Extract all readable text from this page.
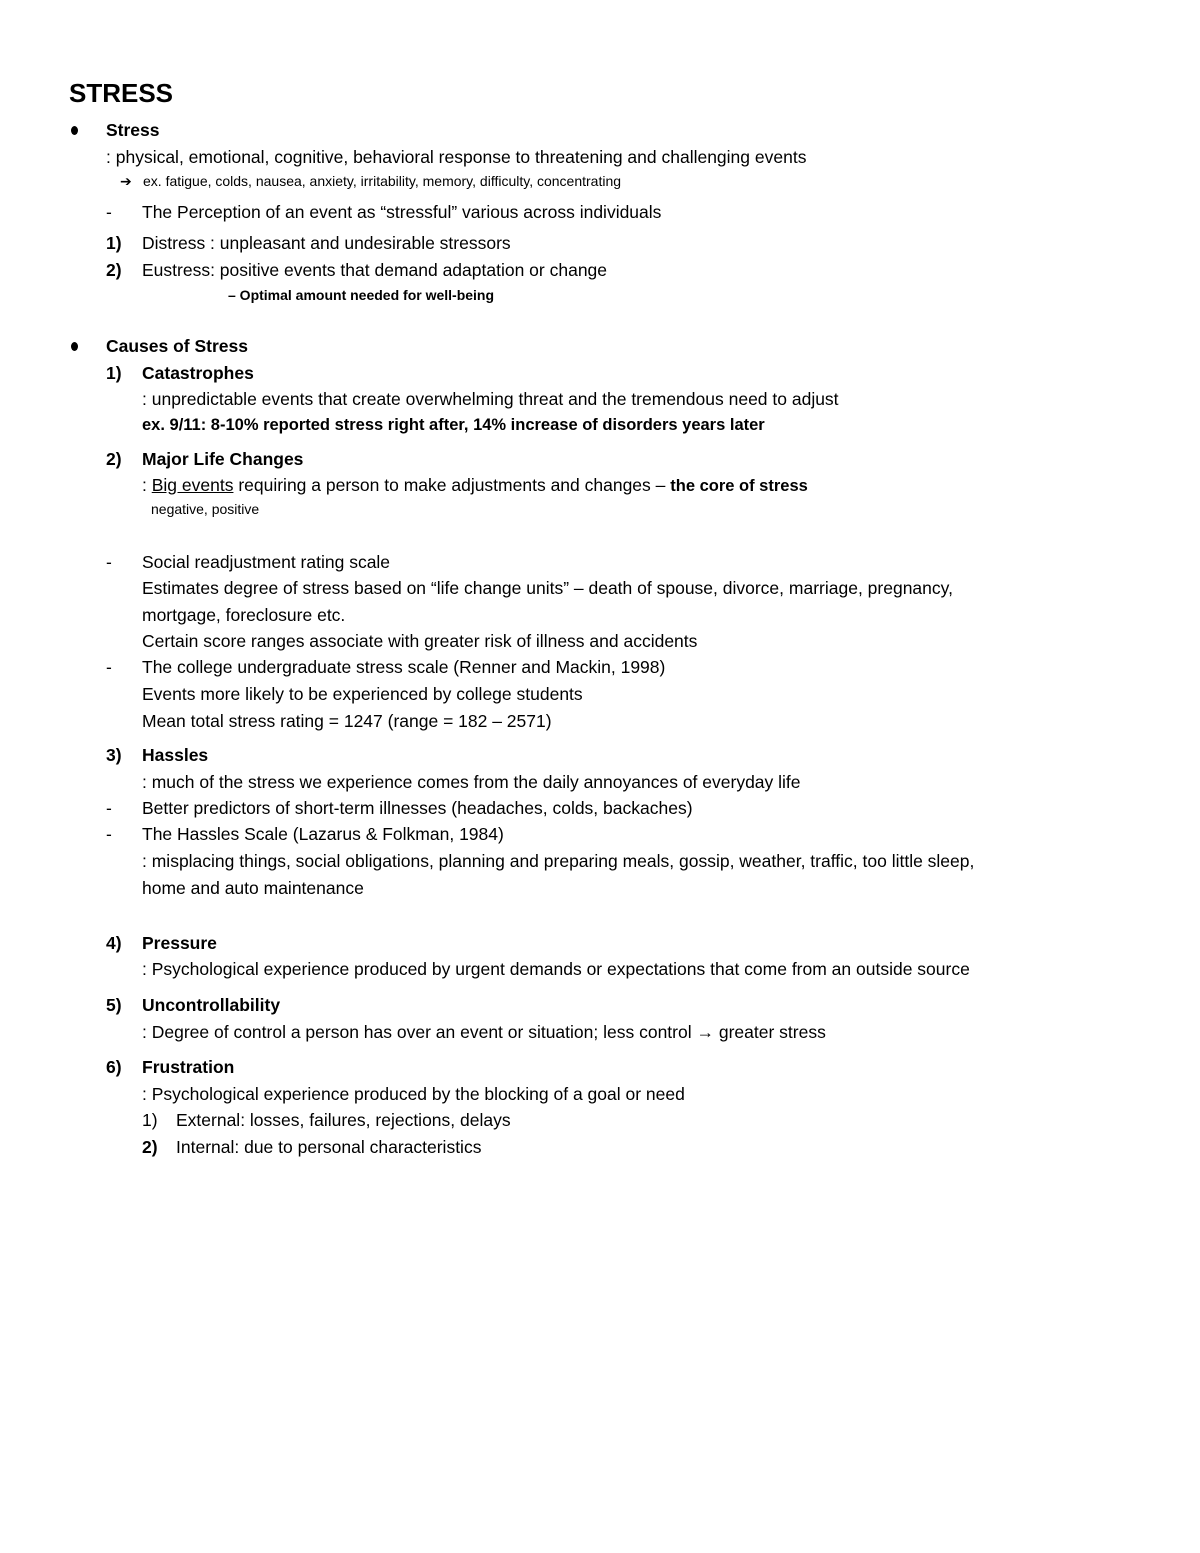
STRESS
Stress
: physical, emotional, cognitive, behavioral response to threatening and challenging events
➔ ex. fatigue, colds, nausea, anxiety, irritability, memory, difficulty, concentrating
- The Perception of an event as “stressful” various across individuals
1) Distress : unpleasant and undesirable stressors
2) Eustress: positive events that demand adaptation or change
– Optimal amount needed for well-being
Causes of Stress
1) Catastrophes
: unpredictable events that create overwhelming threat and the tremendous need to adjust
ex. 9/11: 8-10% reported stress right after, 14% increase of disorders years later
2) Major Life Changes
: Big events requiring a person to make adjustments and changes – the core of stress
negative, positive
- Social readjustment rating scale
Estimates degree of stress based on “life change units” – death of spouse, divorce, marriage, pregnancy,
mortgage, foreclosure etc.
Certain score ranges associate with greater risk of illness and accidents
- The college undergraduate stress scale (Renner and Mackin, 1998)
Events more likely to be experienced by college students
Mean total stress rating = 1247 (range = 182 – 2571)
3) Hassles
: much of the stress we experience comes from the daily annoyances of everyday life
- Better predictors of short-term illnesses (headaches, colds, backaches)
- The Hassles Scale (Lazarus & Folkman, 1984)
: misplacing things, social obligations, planning and preparing meals, gossip, weather, traffic, too little sleep,
home and auto maintenance
4) Pressure
: Psychological experience produced by urgent demands or expectations that come from an outside source
5) Uncontrollability
: Degree of control a person has over an event or situation; less control → greater stress
6) Frustration
: Psychological experience produced by the blocking of a goal or need
1) External: losses, failures, rejections, delays
2) Internal: due to personal characteristics
